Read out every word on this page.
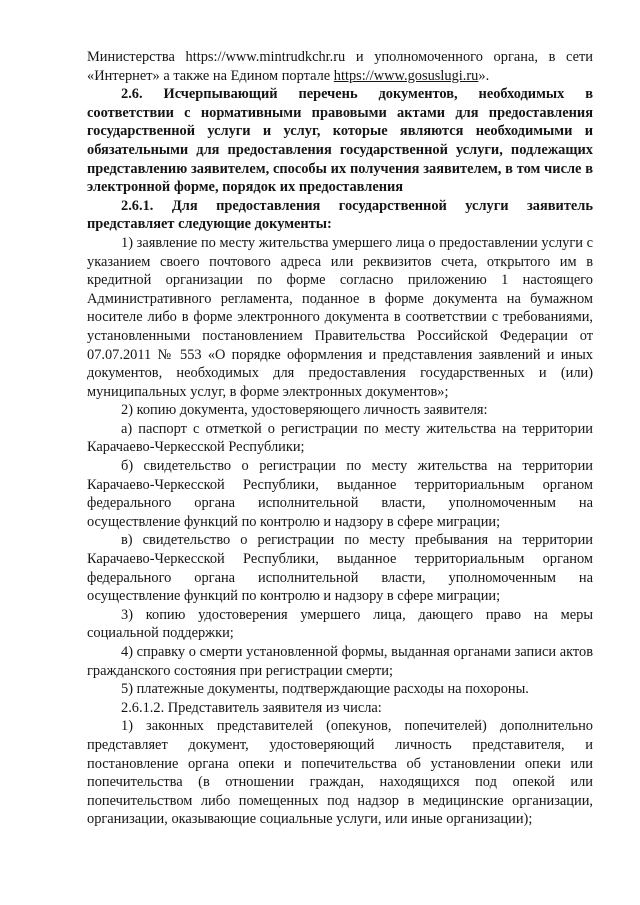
Министерства https://www.mintrudkchr.ru и уполномоченного органа, в сети «Интернет» а также на Едином портале https://www.gosuslugi.ru».

2.6. Исчерпывающий перечень документов, необходимых в соответствии с нормативными правовыми актами для предоставления государственной услуги и услуг, которые являются необходимыми и обязательными для предоставления государственной услуги, подлежащих представлению заявителем, способы их получения заявителем, в том числе в электронной форме, порядок их предоставления

2.6.1. Для предоставления государственной услуги заявитель представляет следующие документы:

1) заявление по месту жительства умершего лица о предоставлении услуги с указанием своего почтового адреса или реквизитов счета, открытого им в кредитной организации по форме согласно приложению 1 настоящего Административного регламента, поданное в форме документа на бумажном носителе либо в форме электронного документа в соответствии с требованиями, установленными постановлением Правительства Российской Федерации от 07.07.2011 № 553 «О порядке оформления и представления заявлений и иных документов, необходимых для предоставления государственных и (или) муниципальных услуг, в форме электронных документов»;

2) копию документа, удостоверяющего личность заявителя:

а) паспорт с отметкой о регистрации по месту жительства на территории Карачаево-Черкесской Республики;

б) свидетельство о регистрации по месту жительства на территории Карачаево-Черкесской Республики, выданное территориальным органом федерального органа исполнительной власти, уполномоченным на осуществление функций по контролю и надзору в сфере миграции;

в) свидетельство о регистрации по месту пребывания на территории Карачаево-Черкесской Республики, выданное территориальным органом федерального органа исполнительной власти, уполномоченным на осуществление функций по контролю и надзору в сфере миграции;

3) копию удостоверения умершего лица, дающего право на меры социальной поддержки;

4) справку о смерти установленной формы, выданная органами записи актов гражданского состояния при регистрации смерти;

5) платежные документы, подтверждающие расходы на похороны.

2.6.1.2. Представитель заявителя из числа:

1) законных представителей (опекунов, попечителей) дополнительно представляет документ, удостоверяющий личность представителя, и постановление органа опеки и попечительства об установлении опеки или попечительства (в отношении граждан, находящихся под опекой или попечительством либо помещенных под надзор в медицинские организации, организации, оказывающие социальные услуги, или иные организации);
